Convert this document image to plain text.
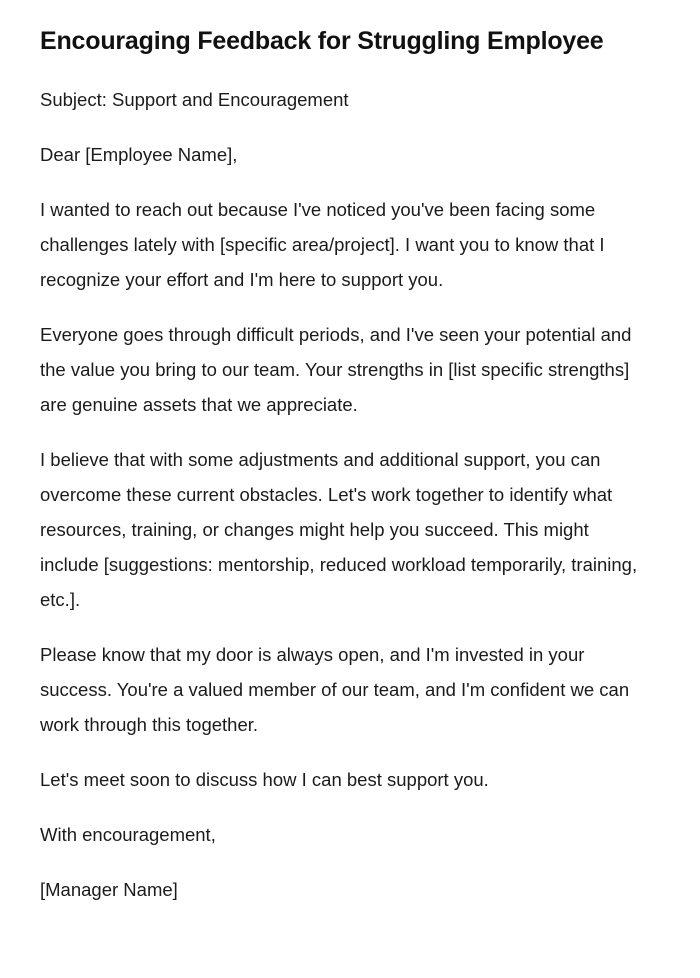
Encouraging Feedback for Struggling Employee

Subject: Support and Encouragement

Dear [Employee Name],

I wanted to reach out because I've noticed you've been facing some challenges lately with [specific area/project]. I want you to know that I recognize your effort and I'm here to support you.

Everyone goes through difficult periods, and I've seen your potential and the value you bring to our team. Your strengths in [list specific strengths] are genuine assets that we appreciate.

I believe that with some adjustments and additional support, you can overcome these current obstacles. Let's work together to identify what resources, training, or changes might help you succeed. This might include [suggestions: mentorship, reduced workload temporarily, training, etc.].

Please know that my door is always open, and I'm invested in your success. You're a valued member of our team, and I'm confident we can work through this together.

Let's meet soon to discuss how I can best support you.

With encouragement,

[Manager Name]
